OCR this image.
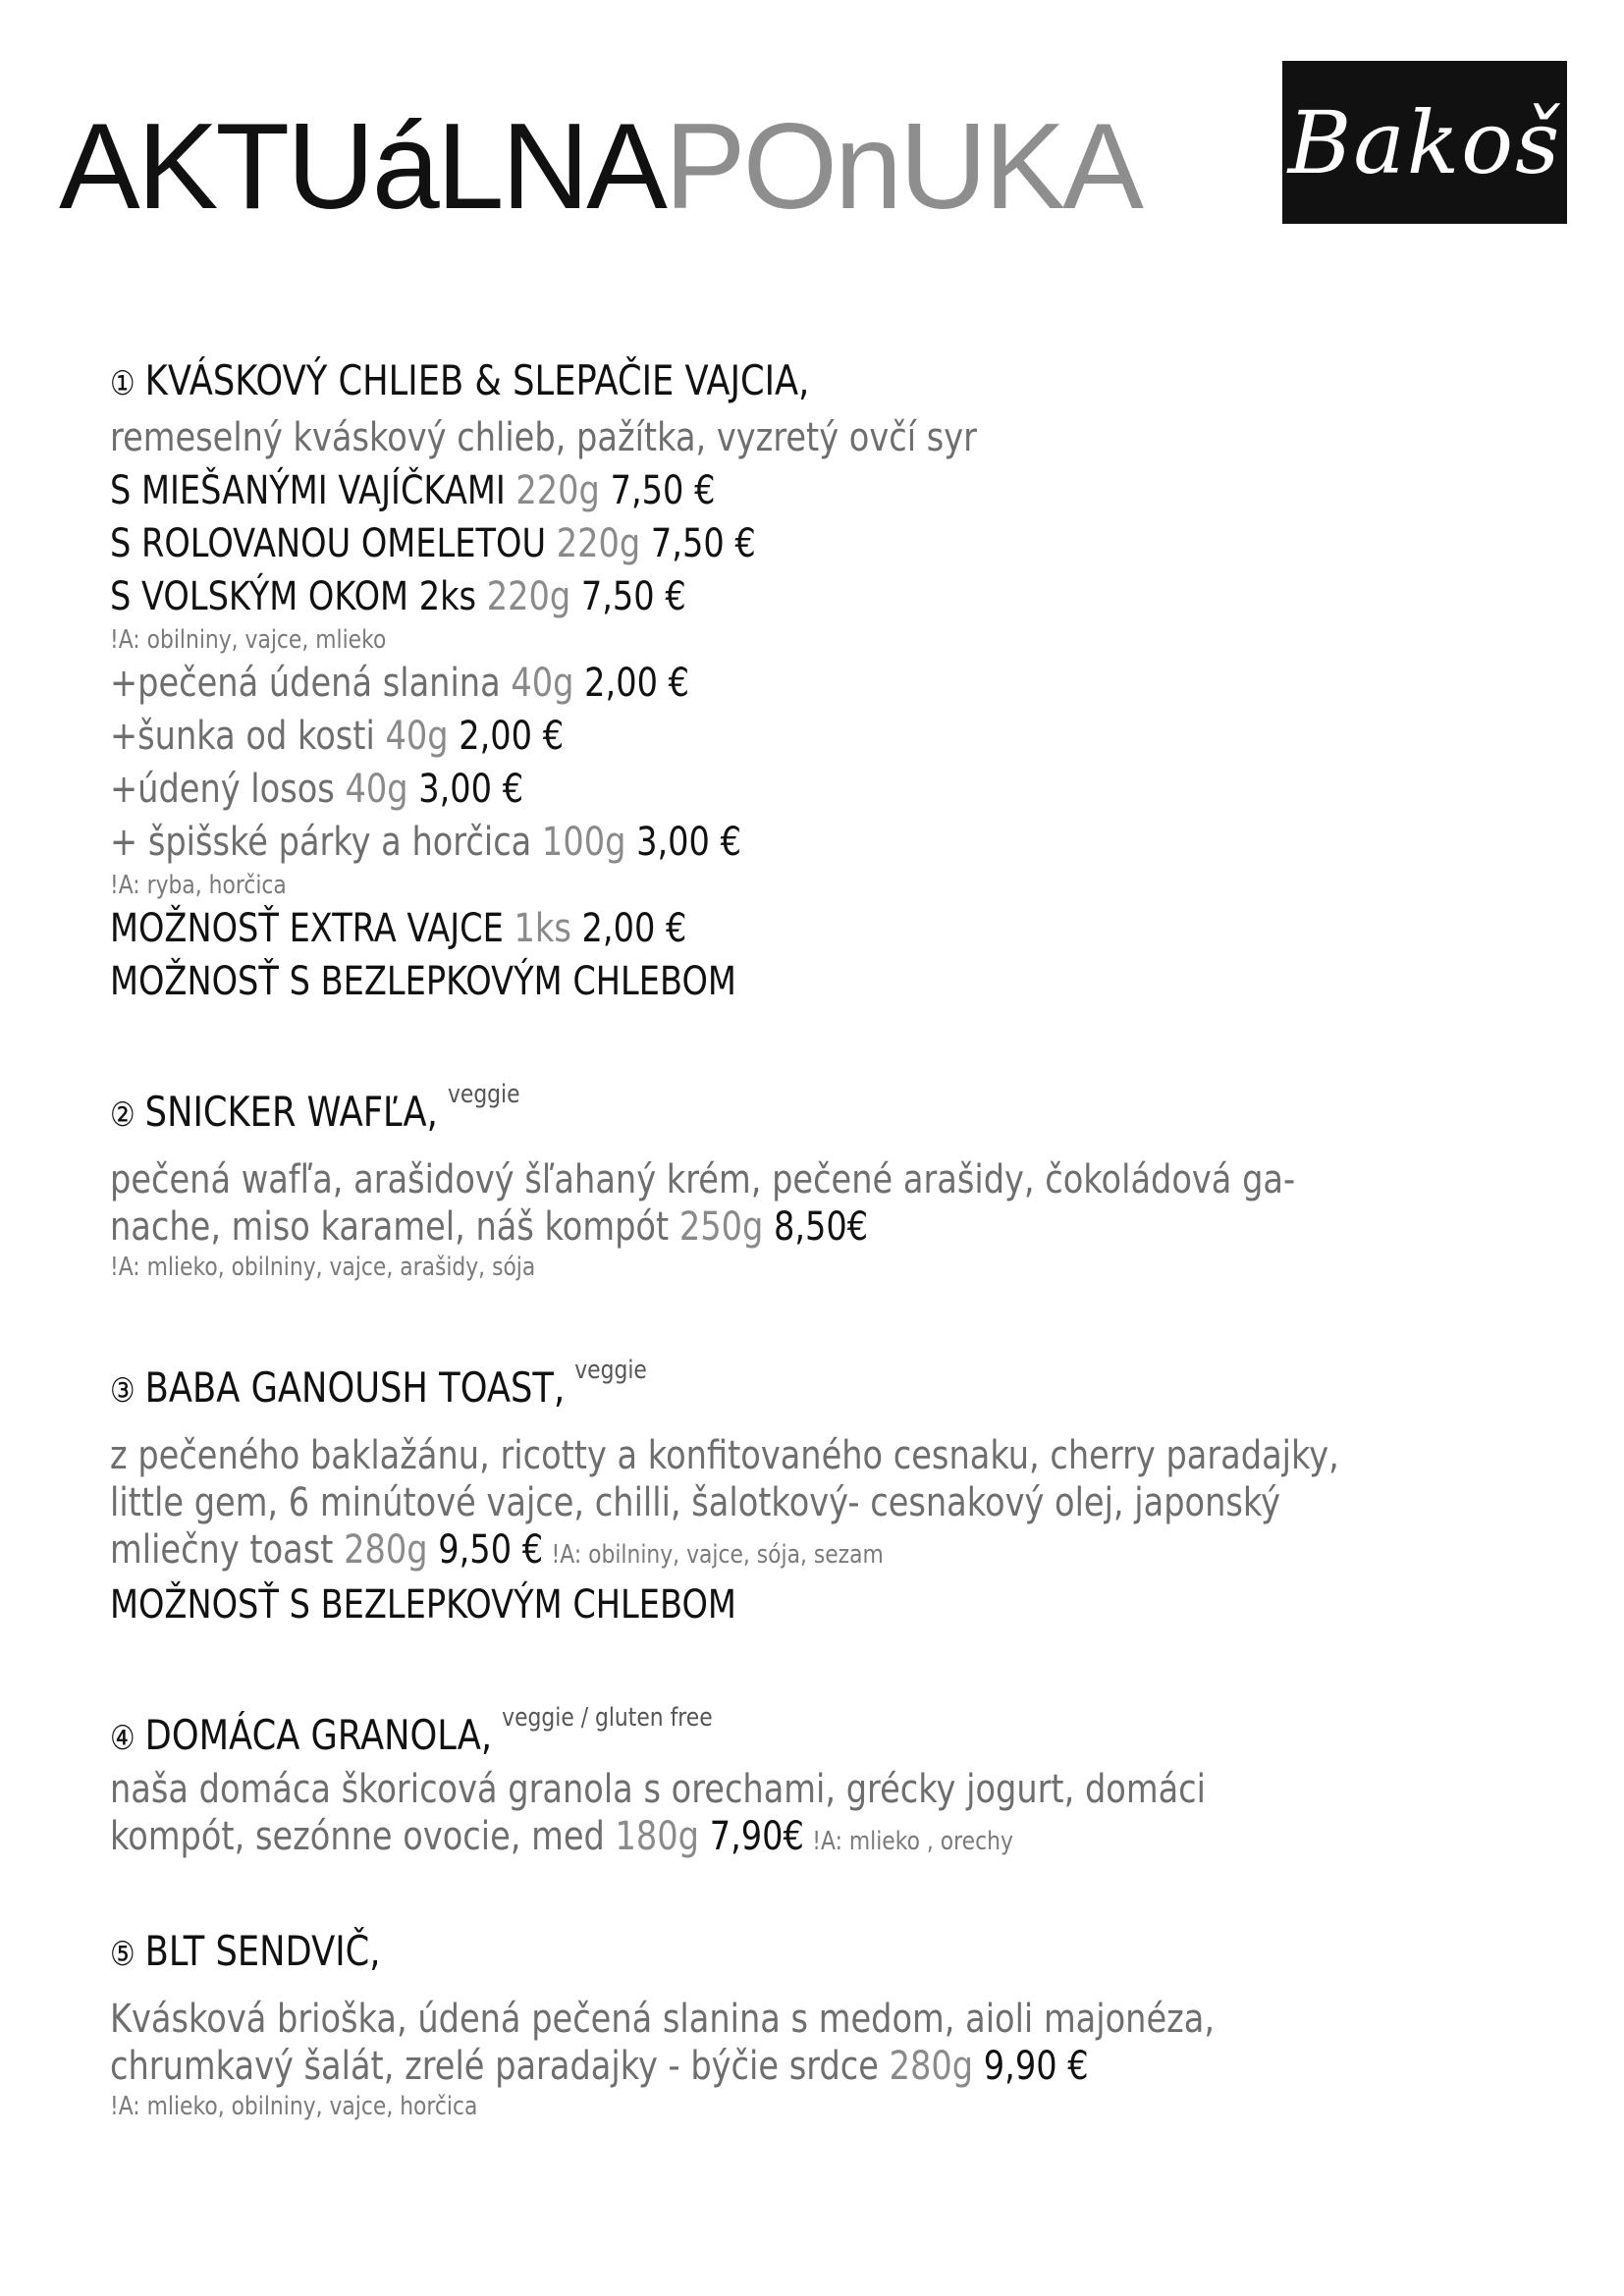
AKTUáLNAPOnUKA Bakoš
① KVÁSKOVÝ CHLIEB & SLEPAČIE VAJCIA,
remeselný kváskový chlieb, pažítka, vyzretý ovčí syr
S MIEŠANÝMI VAJÍČKAMI 220g 7,50 €
S ROLOVANOU OMELETOU 220g 7,50 €
S VOLSKÝM OKOM 2ks 220g 7,50 €
!A: obilniny, vajce, mlieko
+pečená údená slanina 40g 2,00 €
+šunka od kosti 40g 2,00 €
+údený losos 40g 3,00 €
+ špišské párky a horčica 100g 3,00 €
!A: ryba, horčica
MOŽNOSŤ EXTRA VAJCE 1ks 2,00 €
MOŽNOSŤ S BEZLEPKOVÝM CHLEBOM
② SNICKER WAFĽA, $^{veggie}$
pečená wafľa, arašidový šľahaný krém, pečené arašidy, čokoládová ga-
nache, miso karamel, náš kompót 250g 8,50€
!A: mlieko, obilniny, vajce, arašidy, sója
③ BABA GANOUSH TOAST, $^{veggie}$
z pečeného baklažánu, ricotty a konfitovaného cesnaku, cherry paradajky,
little gem, 6 minútové vajce, chilli, šalotkový- cesnakový olej, japonský
mliečny toast 280g 9,50 € !A: obilniny, vajce, sója, sezam
MOŽNOSŤ S BEZLEPKOVÝM CHLEBOM
④ DOMÁCA GRANOLA, $^{veggie / gluten free}$
naša domáca škoricová granola s orechami, grécky jogurt, domáci
kompót, sezónne ovocie, med 180g 7,90€ !A: mlieko , orechy
⑤ BLT SENDVIČ,
Kvásková brioška, údená pečená slanina s medom, aioli majonéza,
chrumkavý šalát, zrelé paradajky - býčie srdce 280g 9,90 €
!A: mlieko, obilniny, vajce, horčica
